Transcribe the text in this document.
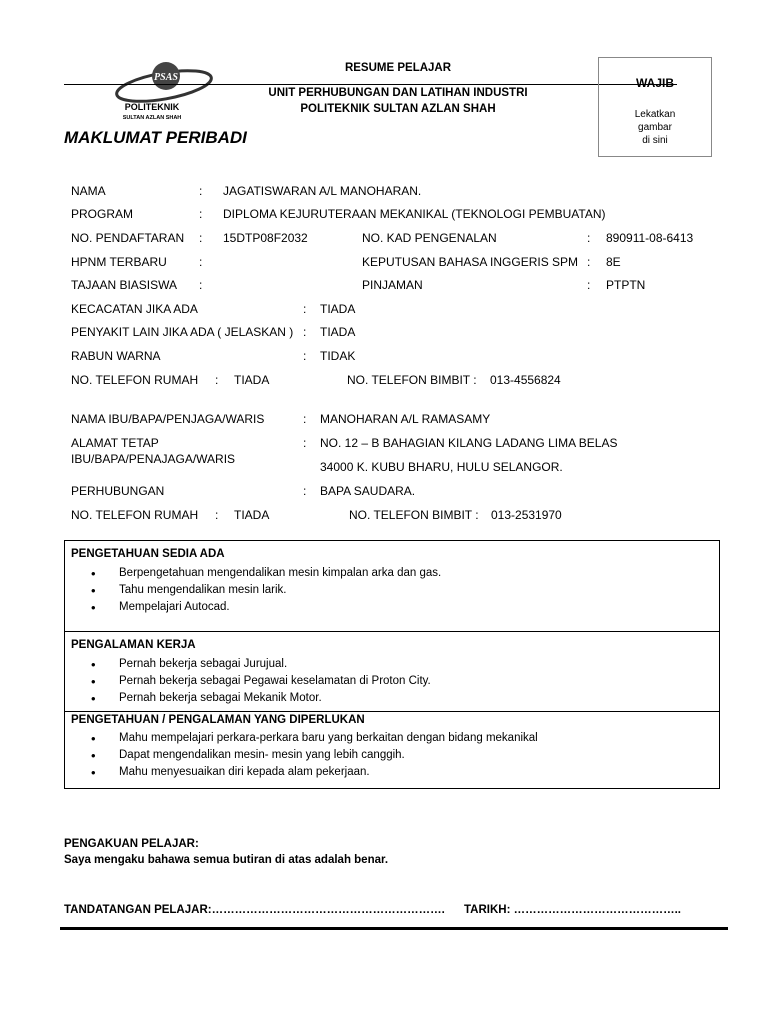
PSAS
POLITEKNIK
SULTAN AZLAN SHAH
RESUME PELAJAR
UNIT PERHUBUNGAN DAN LATIHAN INDUSTRI
POLITEKNIK SULTAN AZLAN SHAH
WAJIB
Lekatkan
gambar
di sini
MAKLUMAT PERIBADI
NAMA	: JAGATISWARAN A/L MANOHARAN.
PROGRAM	: DIPLOMA KEJURUTERAAN MEKANIKAL (TEKNOLOGI PEMBUATAN)
NO. PENDAFTARAN : 15DTP08F2032	NO. KAD PENGENALAN	: 890911-08-6413
HPNM TERBARU	:	KEPUTUSAN BAHASA INGGERIS SPM : 8E
TAJAAN BIASISWA :	PINJAMAN	: PTPTN
KECACATAN JIKA ADA	: TIADA
PENYAKIT LAIN JIKA ADA ( JELASKAN ) : TIADA
RABUN WARNA	: TIDAK
NO. TELEFON RUMAH : TIADA	NO. TELEFON BIMBIT : 013-4556824
NAMA IBU/BAPA/PENJAGA/WARIS	: MANOHARAN A/L RAMASAMY
ALAMAT TETAP
IBU/BAPA/PENAJAGA/WARIS
: NO. 12 – B BAHAGIAN KILANG LADANG LIMA BELAS
34000 K. KUBU BHARU, HULU SELANGOR.
PERHUBUNGAN	: BAPA SAUDARA.
NO. TELEFON RUMAH : TIADA	NO. TELEFON BIMBIT : 013-2531970
PENGETAHUAN SEDIA ADA
• Berpengetahuan mengendalikan mesin kimpalan arka dan gas.
• Tahu mengendalikan mesin larik.
• Mempelajari Autocad.
PENGALAMAN KERJA
• Pernah bekerja sebagai Jurujual.
• Pernah bekerja sebagai Pegawai keselamatan di Proton City.
• Pernah bekerja sebagai Mekanik Motor.
PENGETAHUAN / PENGALAMAN YANG DIPERLUKAN
• Mahu mempelajari perkara-perkara baru yang berkaitan dengan bidang mekanikal
• Dapat mengendalikan mesin- mesin yang lebih canggih.
• Mahu menyesuaikan diri kepada alam pekerjaan.
PENGAKUAN PELAJAR:
Saya mengaku bahawa semua butiran di atas adalah benar.
TANDATANGAN PELAJAR:……………………………………………………. TARIKH: ……………………………………..
